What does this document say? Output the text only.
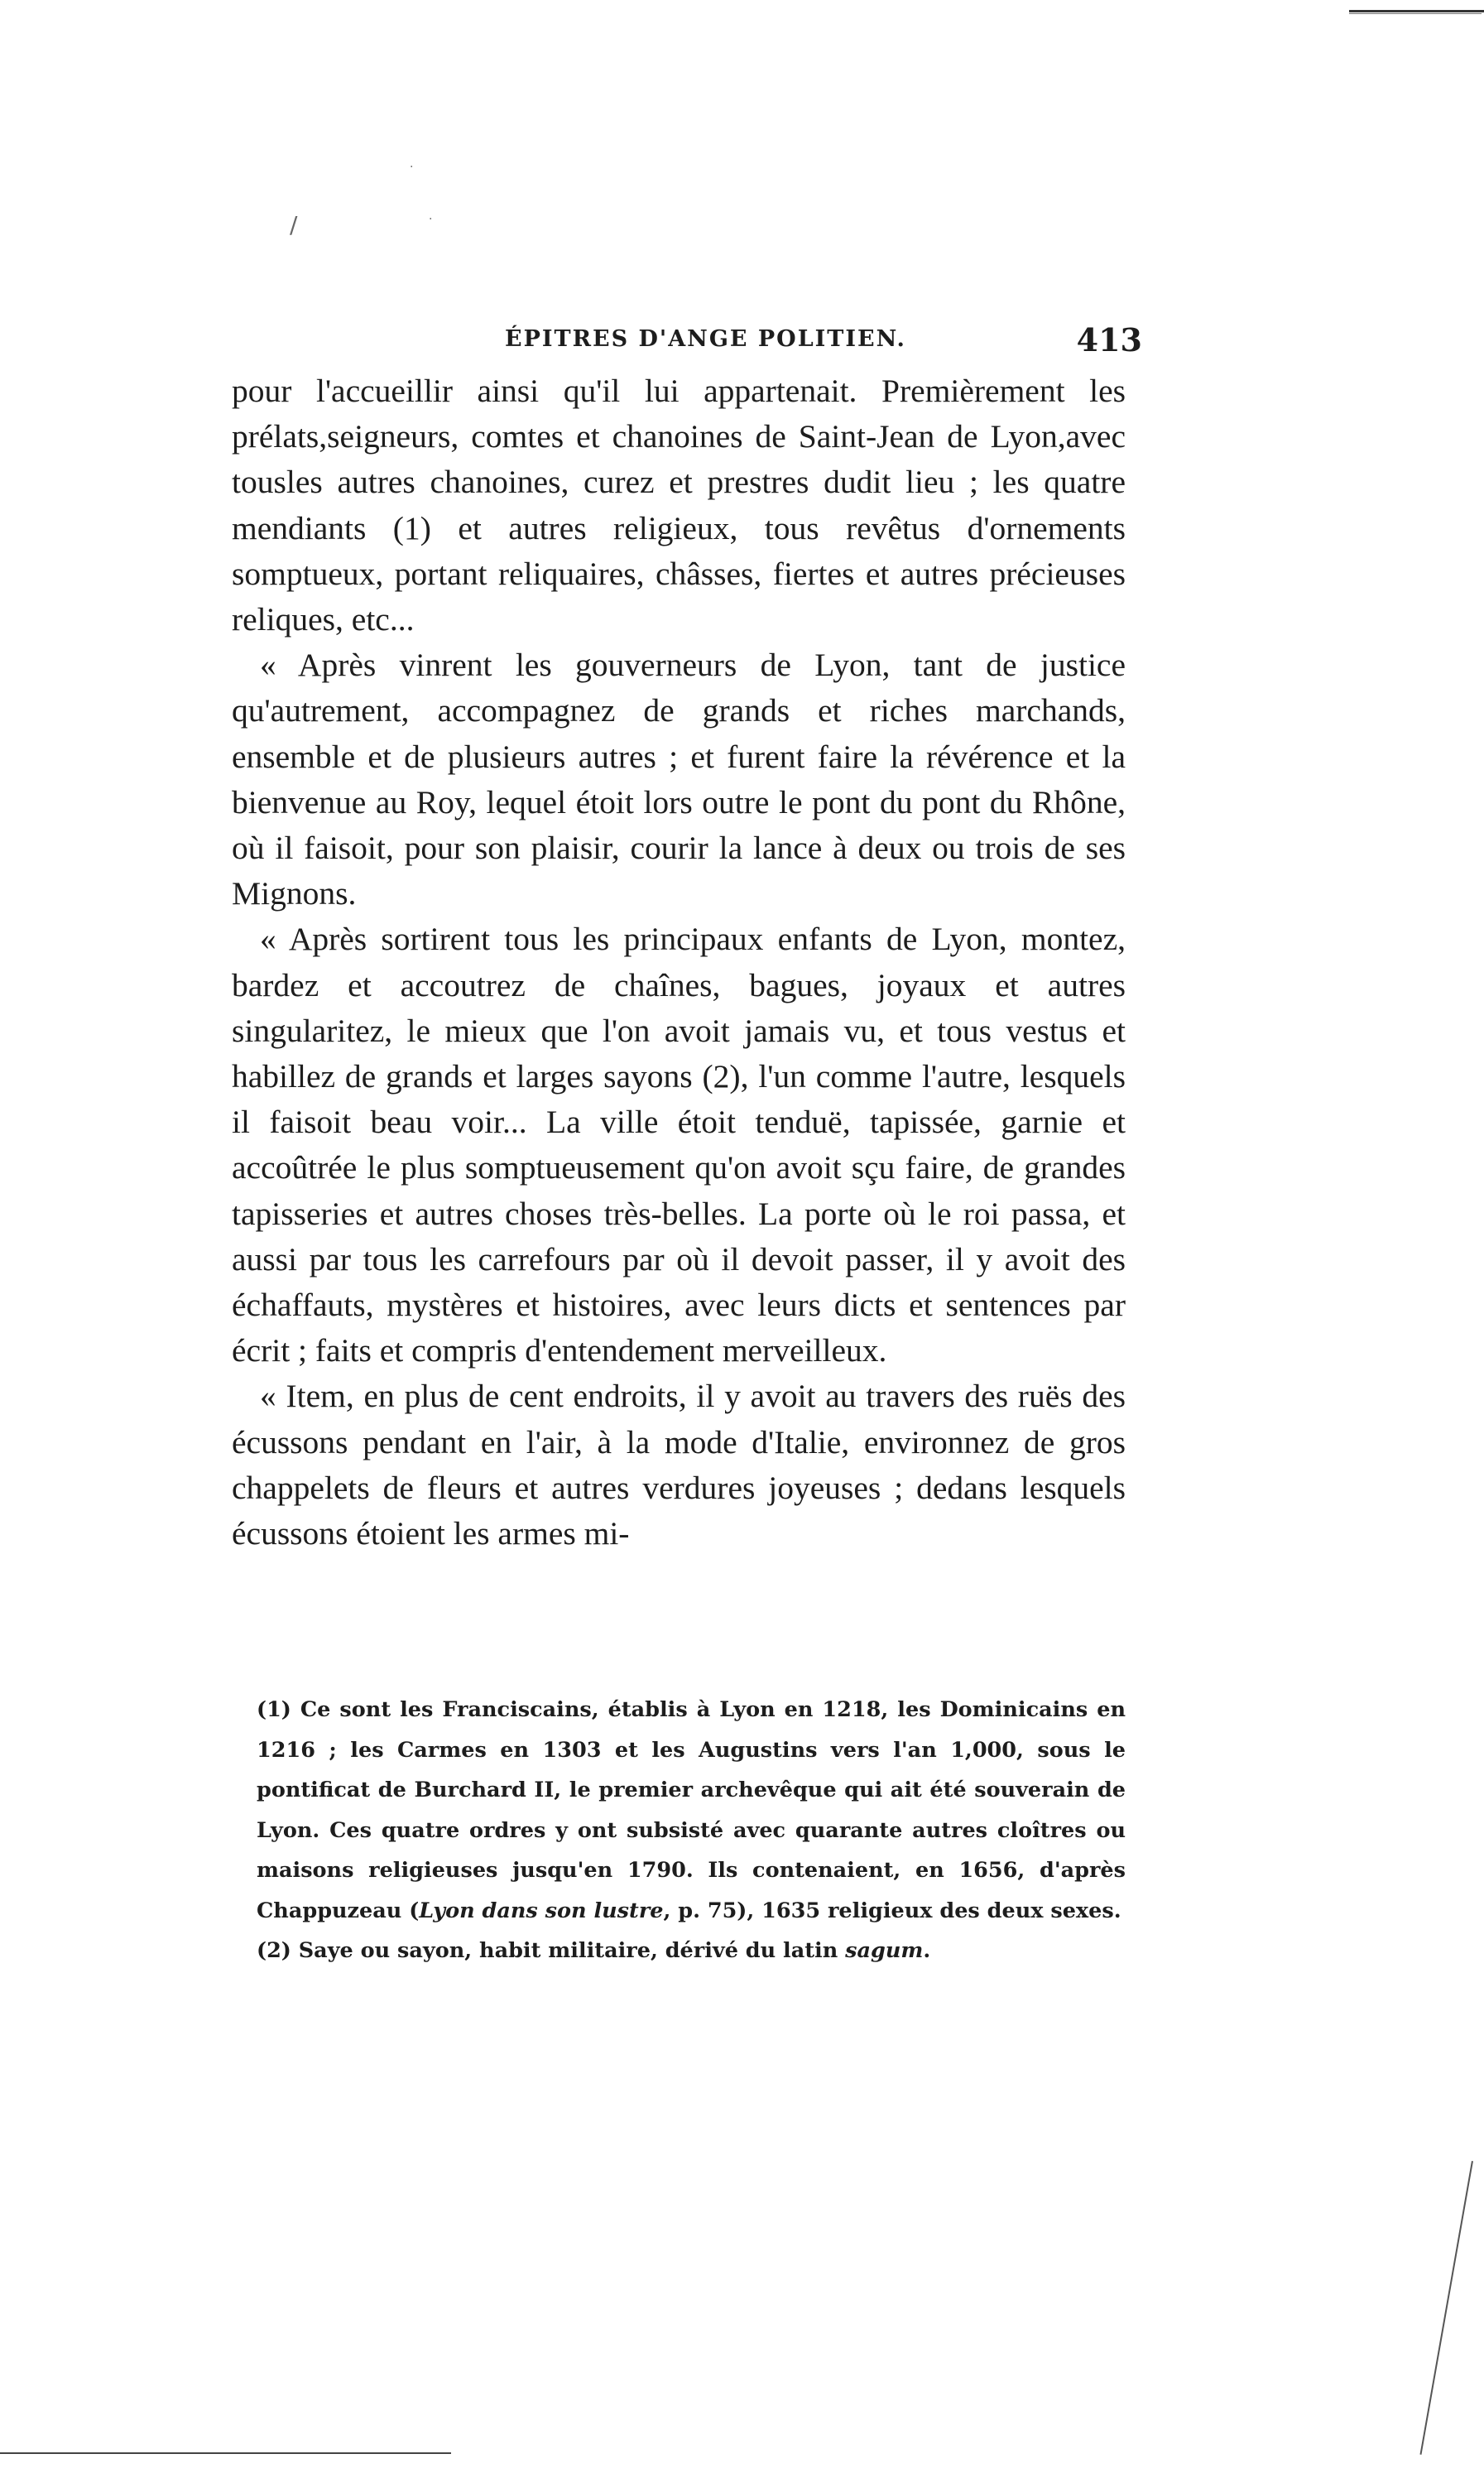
/
·
·
ÉPITRES D'ANGE POLITIEN.	413

pour l'accueillir ainsi qu'il lui appartenait. Premièrement les prélats,seigneurs, comtes et chanoines de Saint-Jean de Lyon,avec tousles autres chanoines, curez et prestres dudit lieu ; les quatre mendiants (1) et autres religieux, tous revêtus d'ornements somptueux, portant reliquaires, châsses, fiertes et autres précieuses reliques, etc...

« Après vinrent les gouverneurs de Lyon, tant de justice qu'autrement, accompagnez de grands et riches marchands, ensemble et de plusieurs autres ; et furent faire la révérence et la bienvenue au Roy, lequel étoit lors outre le pont du pont du Rhône, où il faisoit, pour son plaisir, courir la lance à deux ou trois de ses Mignons.

« Après sortirent tous les principaux enfants de Lyon, montez, bardez et accoutrez de chaînes, bagues, joyaux et autres singularitez, le mieux que l'on avoit jamais vu, et tous vestus et habillez de grands et larges sayons (2), l'un comme l'autre, lesquels il faisoit beau voir... La ville étoit tenduë, tapissée, garnie et accoûtrée le plus somptueusement qu'on avoit sçu faire, de grandes tapisseries et autres choses très-belles. La porte où le roi passa, et aussi par tous les carrefours par où il devoit passer, il y avoit des échaffauts, mystères et histoires, avec leurs dicts et sentences par écrit ; faits et compris d'entendement merveilleux.

« Item, en plus de cent endroits, il y avoit au travers des ruës des écussons pendant en l'air, à la mode d'Italie, environnez de gros chappelets de fleurs et autres verdures joyeuses ; dedans lesquels écussons étoient les armes mi-

(1) Ce sont les Franciscains, établis à Lyon en 1218, les Dominicains en 1216 ; les Carmes en 1303 et les Augustins vers l'an 1,000, sous le pontificat de Burchard II, le premier archevêque qui ait été souverain de Lyon. Ces quatre ordres y ont subsisté avec quarante autres cloîtres ou maisons religieuses jusqu'en 1790. Ils contenaient, en 1656, d'après Chappuzeau (Lyon dans son lustre, p. 75), 1635 religieux des deux sexes.

(2) Saye ou sayon, habit militaire, dérivé du latin sagum.
